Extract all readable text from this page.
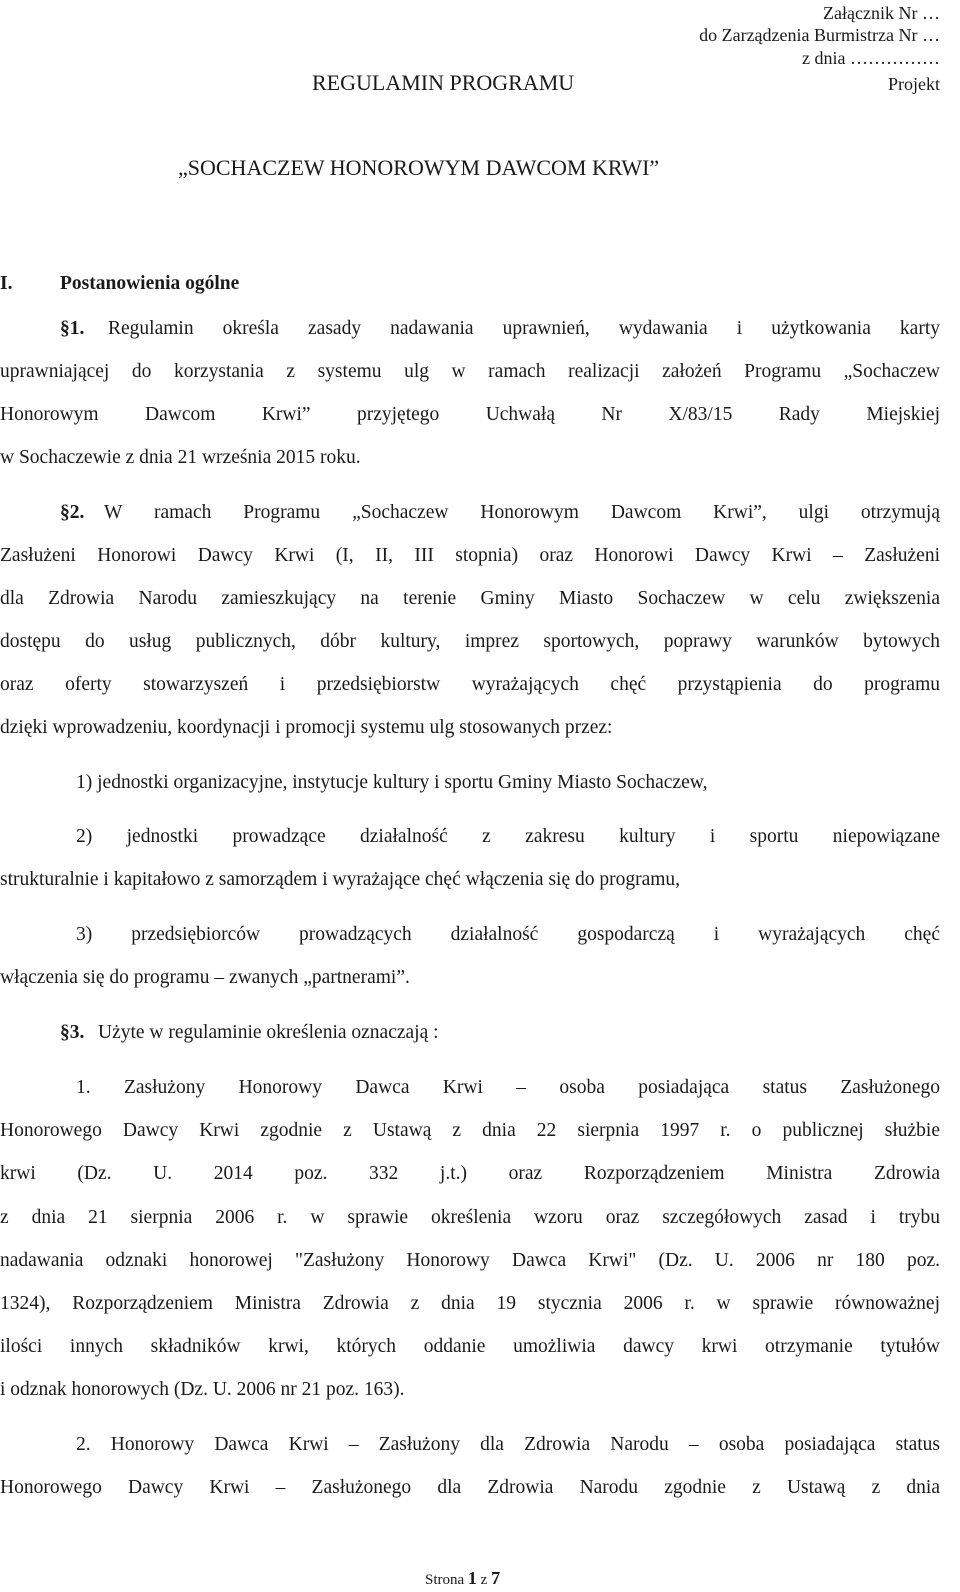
Załącznik Nr …
do Zarządzenia Burmistrza Nr …
z dnia ……………
Projekt
REGULAMIN PROGRAMU
„SOCHACZEW HONOROWYM DAWCOM KRWI”
I. Postanowienia ogólne
§1. Regulamin określa zasady nadawania uprawnień, wydawania i użytkowania karty
uprawniającej do korzystania z systemu ulg w ramach realizacji założeń Programu „Sochaczew
Honorowym Dawcom Krwi” przyjętego Uchwałą Nr X/83/15 Rady Miejskiej
w Sochaczewie z dnia 21 września 2015 roku.
§2. W ramach Programu „Sochaczew Honorowym Dawcom Krwi”, ulgi otrzymują
Zasłużeni Honorowi Dawcy Krwi (I, II, III stopnia) oraz Honorowi Dawcy Krwi – Zasłużeni
dla Zdrowia Narodu zamieszkujący na terenie Gminy Miasto Sochaczew w celu zwiększenia
dostępu do usług publicznych, dóbr kultury, imprez sportowych, poprawy warunków bytowych
oraz oferty stowarzyszeń i przedsiębiorstw wyrażających chęć przystąpienia do programu
dzięki wprowadzeniu, koordynacji i promocji systemu ulg stosowanych przez:
1) jednostki organizacyjne, instytucje kultury i sportu Gminy Miasto Sochaczew,
2) jednostki prowadzące działalność z zakresu kultury i sportu niepowiązane
strukturalnie i kapitałowo z samorządem i wyrażające chęć włączenia się do programu,
3) przedsiębiorców prowadzących działalność gospodarczą i wyrażających chęć
włączenia się do programu – zwanych „partnerami”.
§3. Użyte w regulaminie określenia oznaczają :
1. Zasłużony Honorowy Dawca Krwi – osoba posiadająca status Zasłużonego
Honorowego Dawcy Krwi zgodnie z Ustawą z dnia 22 sierpnia 1997 r. o publicznej służbie
krwi (Dz. U. 2014 poz. 332 j.t.) oraz Rozporządzeniem Ministra Zdrowia
z dnia 21 sierpnia 2006 r. w sprawie określenia wzoru oraz szczegółowych zasad i trybu
nadawania odznaki honorowej "Zasłużony Honorowy Dawca Krwi" (Dz. U. 2006 nr 180 poz.
1324), Rozporządzeniem Ministra Zdrowia z dnia 19 stycznia 2006 r. w sprawie równoważnej
ilości innych składników krwi, których oddanie umożliwia dawcy krwi otrzymanie tytułów
i odznak honorowych (Dz. U. 2006 nr 21 poz. 163).
2. Honorowy Dawca Krwi – Zasłużony dla Zdrowia Narodu – osoba posiadająca status
Honorowego Dawcy Krwi – Zasłużonego dla Zdrowia Narodu zgodnie z Ustawą z dnia
Strona 1 z 7
